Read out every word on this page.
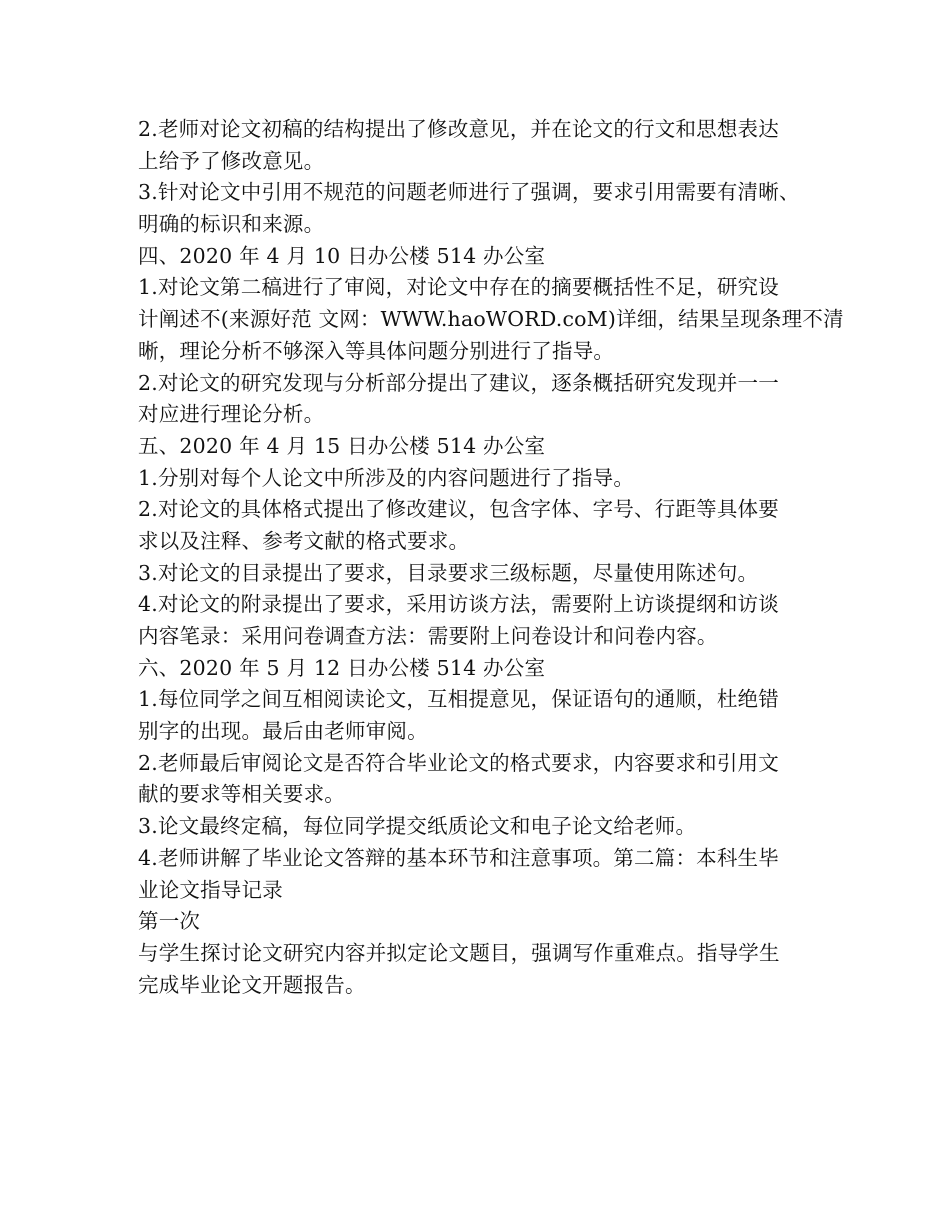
2.老师对论文初稿的结构提出了修改意见，并在论文的行文和思想表达
上给予了修改意见。
3.针对论文中引用不规范的问题老师进行了强调，要求引用需要有清晰、
明确的标识和来源。
四、2020 年 4 月 10 日办公楼 514 办公室
1.对论文第二稿进行了审阅，对论文中存在的摘要概括性不足，研究设
计阐述不(来源好范 文网：WWW.haoWORD.coM)详细，结果呈现条理不清
晰，理论分析不够深入等具体问题分别进行了指导。
2.对论文的研究发现与分析部分提出了建议，逐条概括研究发现并一一
对应进行理论分析。
五、2020 年 4 月 15 日办公楼 514 办公室
1.分别对每个人论文中所涉及的内容问题进行了指导。
2.对论文的具体格式提出了修改建议，包含字体、字号、行距等具体要
求以及注释、参考文献的格式要求。
3.对论文的目录提出了要求，目录要求三级标题，尽量使用陈述句。
4.对论文的附录提出了要求，采用访谈方法，需要附上访谈提纲和访谈
内容笔录：采用问卷调查方法：需要附上问卷设计和问卷内容。
六、2020 年 5 月 12 日办公楼 514 办公室
1.每位同学之间互相阅读论文，互相提意见，保证语句的通顺，杜绝错
别字的出现。最后由老师审阅。
2.老师最后审阅论文是否符合毕业论文的格式要求，内容要求和引用文
献的要求等相关要求。
3.论文最终定稿，每位同学提交纸质论文和电子论文给老师。
4.老师讲解了毕业论文答辩的基本环节和注意事项。第二篇：本科生毕
业论文指导记录
第一次
与学生探讨论文研究内容并拟定论文题目，强调写作重难点。指导学生
完成毕业论文开题报告。
